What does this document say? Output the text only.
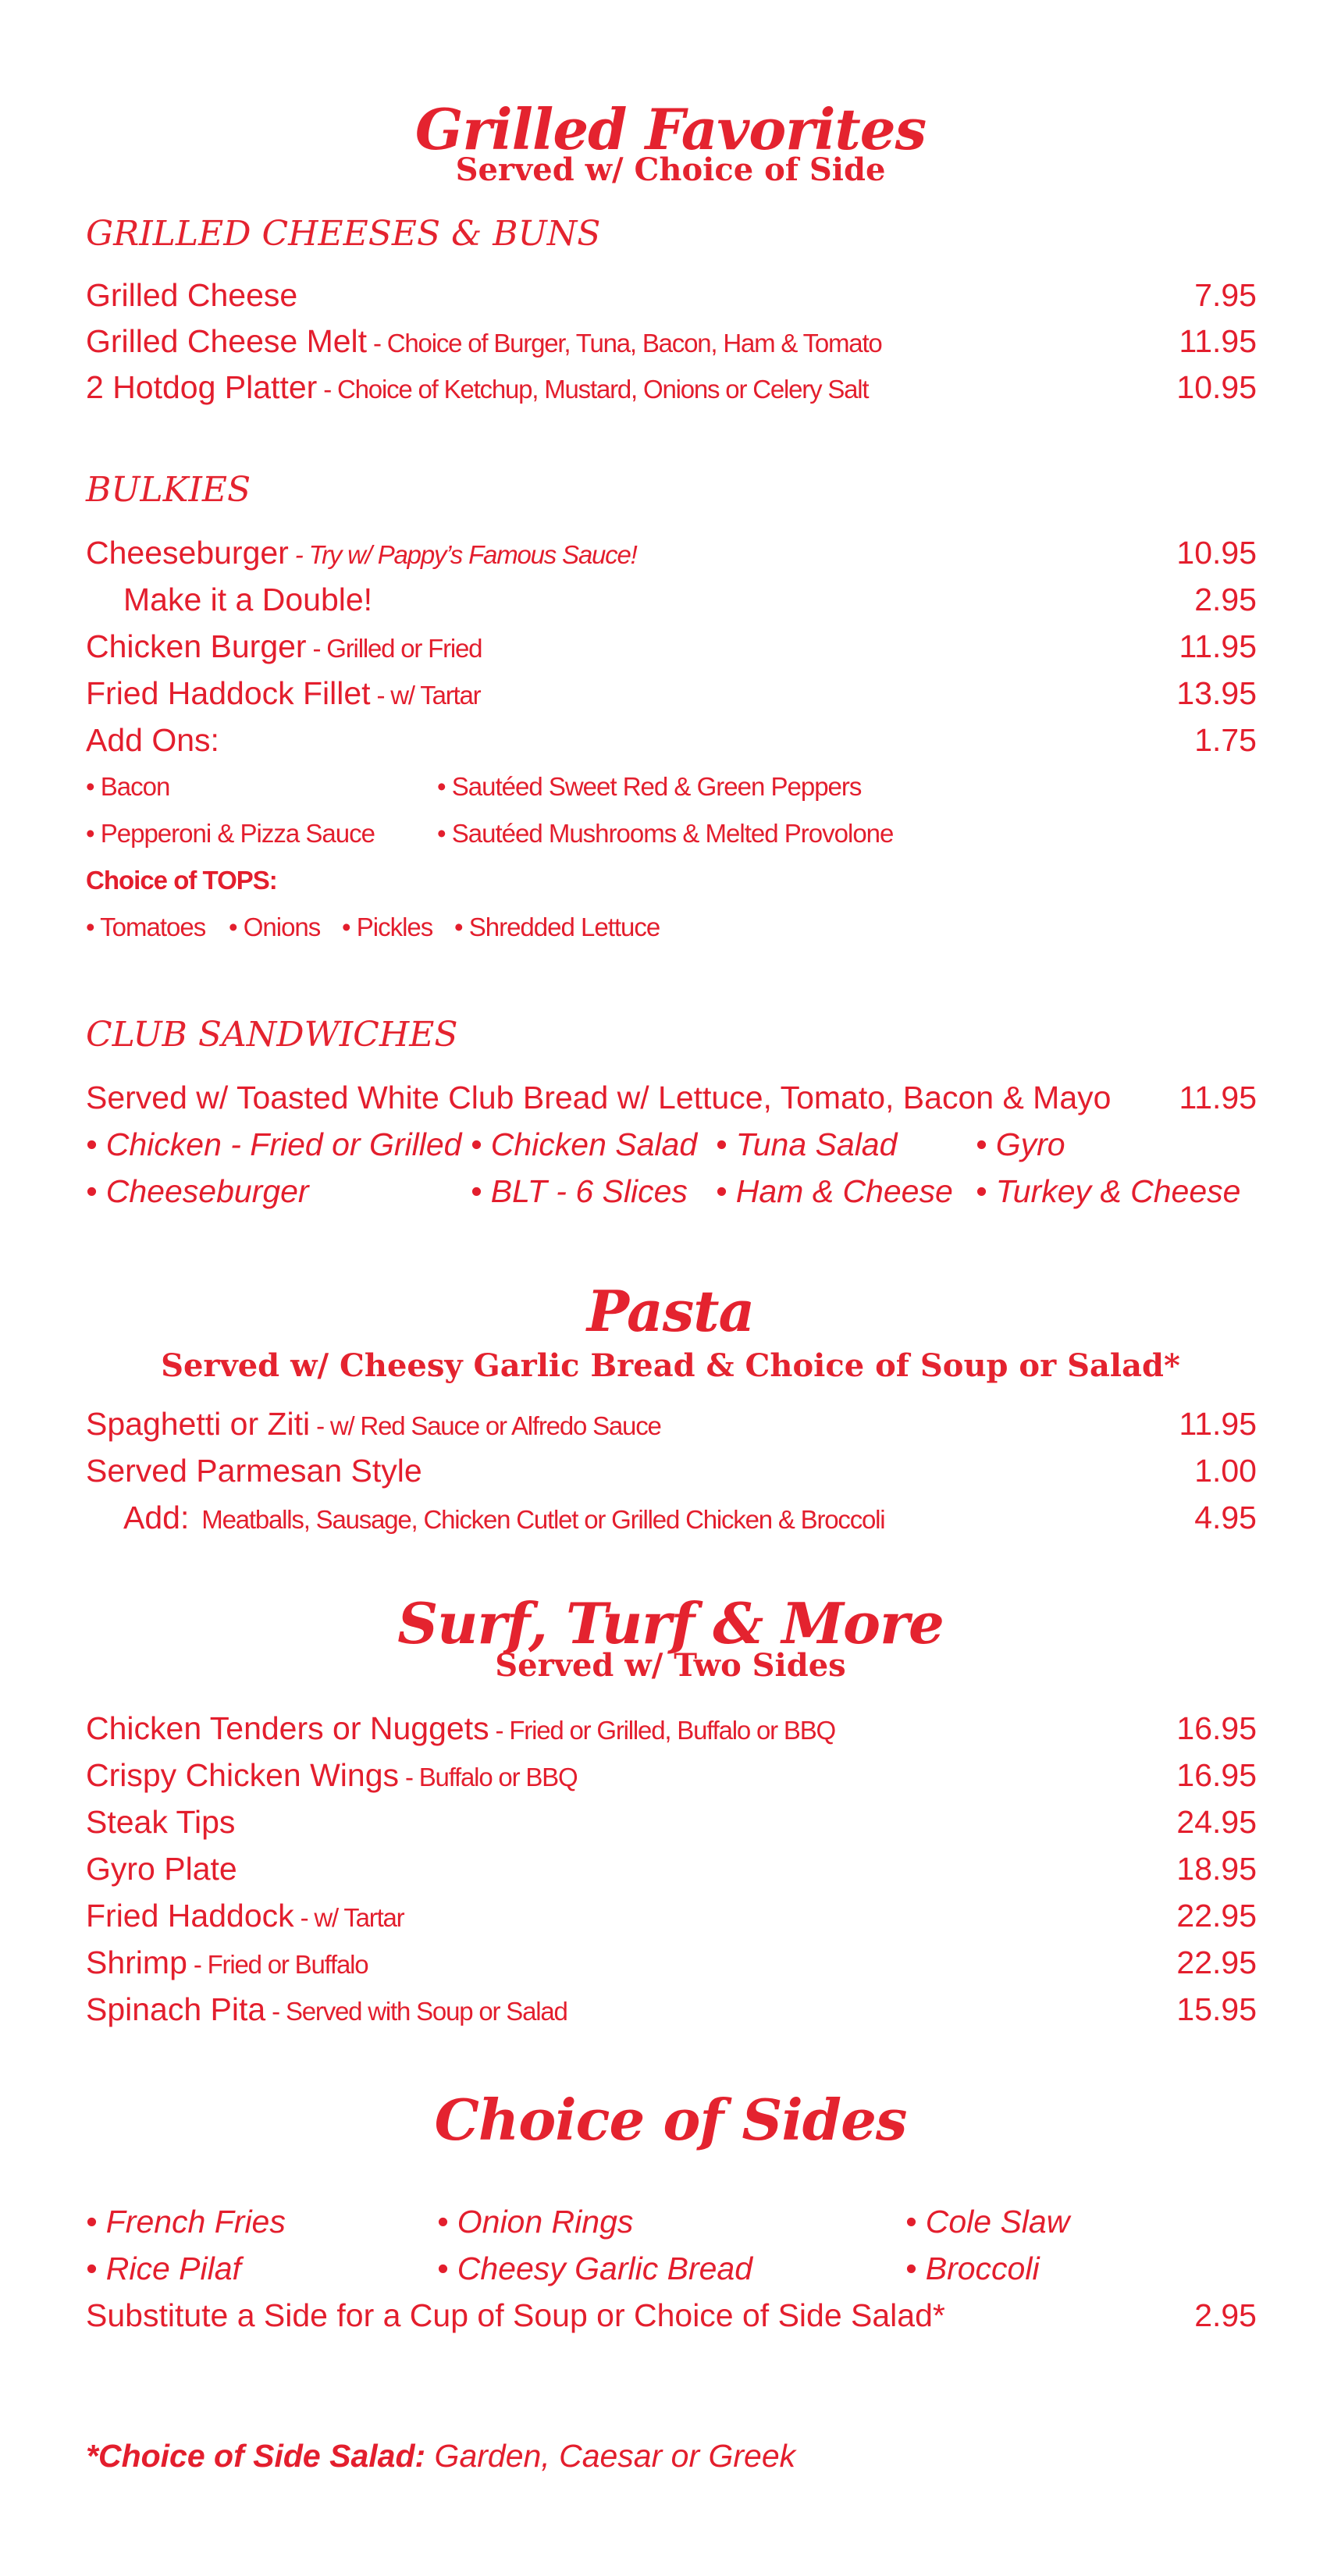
Grilled Favorites
Served w/ Choice of Side
GRILLED CHEESES & BUNS
Grilled Cheese	7.95
Grilled Cheese Melt - Choice of Burger, Tuna, Bacon, Ham & Tomato	11.95
2 Hotdog Platter - Choice of Ketchup, Mustard, Onions or Celery Salt	10.95
BULKIES
Cheeseburger - Try w/ Pappy’s Famous Sauce!	10.95
Make it a Double!	2.95
Chicken Burger - Grilled or Fried	11.95
Fried Haddock Fillet - w/ Tartar	13.95
Add Ons:	1.75
• Bacon	• Sautéed Sweet Red & Green Peppers
• Pepperoni & Pizza Sauce • Sautéed Mushrooms & Melted Provolone
Choice of TOPS:
• Tomatoes • Onions • Pickles • Shredded Lettuce
CLUB SANDWICHES
Served w/ Toasted White Club Bread w/ Lettuce, Tomato, Bacon & Mayo 11.95
• Chicken - Fried or Grilled • Chicken Salad • Tuna Salad • Gyro
• Cheeseburger	• BLT - 6 Slices • Ham & Cheese • Turkey & Cheese
Pasta
Served w/ Cheesy Garlic Bread & Choice of Soup or Salad*
Spaghetti or Ziti - w/ Red Sauce or Alfredo Sauce	11.95
Served Parmesan Style	1.00
Add:  Meatballs, Sausage, Chicken Cutlet or Grilled Chicken & Broccoli	4.95
Surf, Turf & More
Served w/ Two Sides
Chicken Tenders or Nuggets - Fried or Grilled, Buffalo or BBQ	16.95
Crispy Chicken Wings - Buffalo or BBQ	16.95
Steak Tips	24.95
Gyro Plate	18.95
Fried Haddock - w/ Tartar	22.95
Shrimp - Fried or Buffalo	22.95
Spinach Pita - Served with Soup or Salad	15.95
Choice of Sides
• French Fries	• Onion Rings	• Cole Slaw
• Rice Pilaf	• Cheesy Garlic Bread	• Broccoli
Substitute a Side for a Cup of Soup or Choice of Side Salad*	2.95
*Choice of Side Salad: Garden, Caesar or Greek
